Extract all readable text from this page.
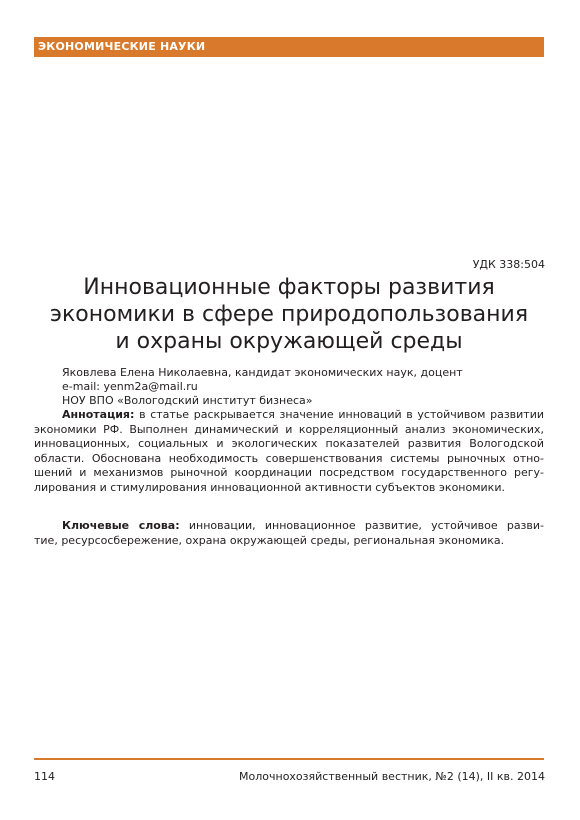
ЭКОНОМИЧЕСКИЕ НАУКИ
УДК 338:504
Инновационные факторы развития
экономики в сфере природопользования
и охраны окружающей среды
Яковлева Елена Николаевна, кандидат экономических наук, доцент
e-mail: yenm2a@mail.ru
НОУ ВПО «Вологодский институт бизнеса»
Аннотация: в статье раскрывается значение инноваций в устойчивом развитии
экономики РФ. Выполнен динамический и корреляционный анализ экономических,
инновационных, социальных и экологических показателей развития Вологодской
области. Обоснована необходимость совершенствования системы рыночных отно-
шений и механизмов рыночной координации посредством государственного регу-
лирования и стимулирования инновационной активности субъектов экономики.
Ключевые слова: инновации, инновационное развитие, устойчивое разви-
тие, ресурсосбережение, охрана окружающей среды, региональная экономика.
114	Молочнохозяйственный вестник, №2 (14), II кв. 2014
